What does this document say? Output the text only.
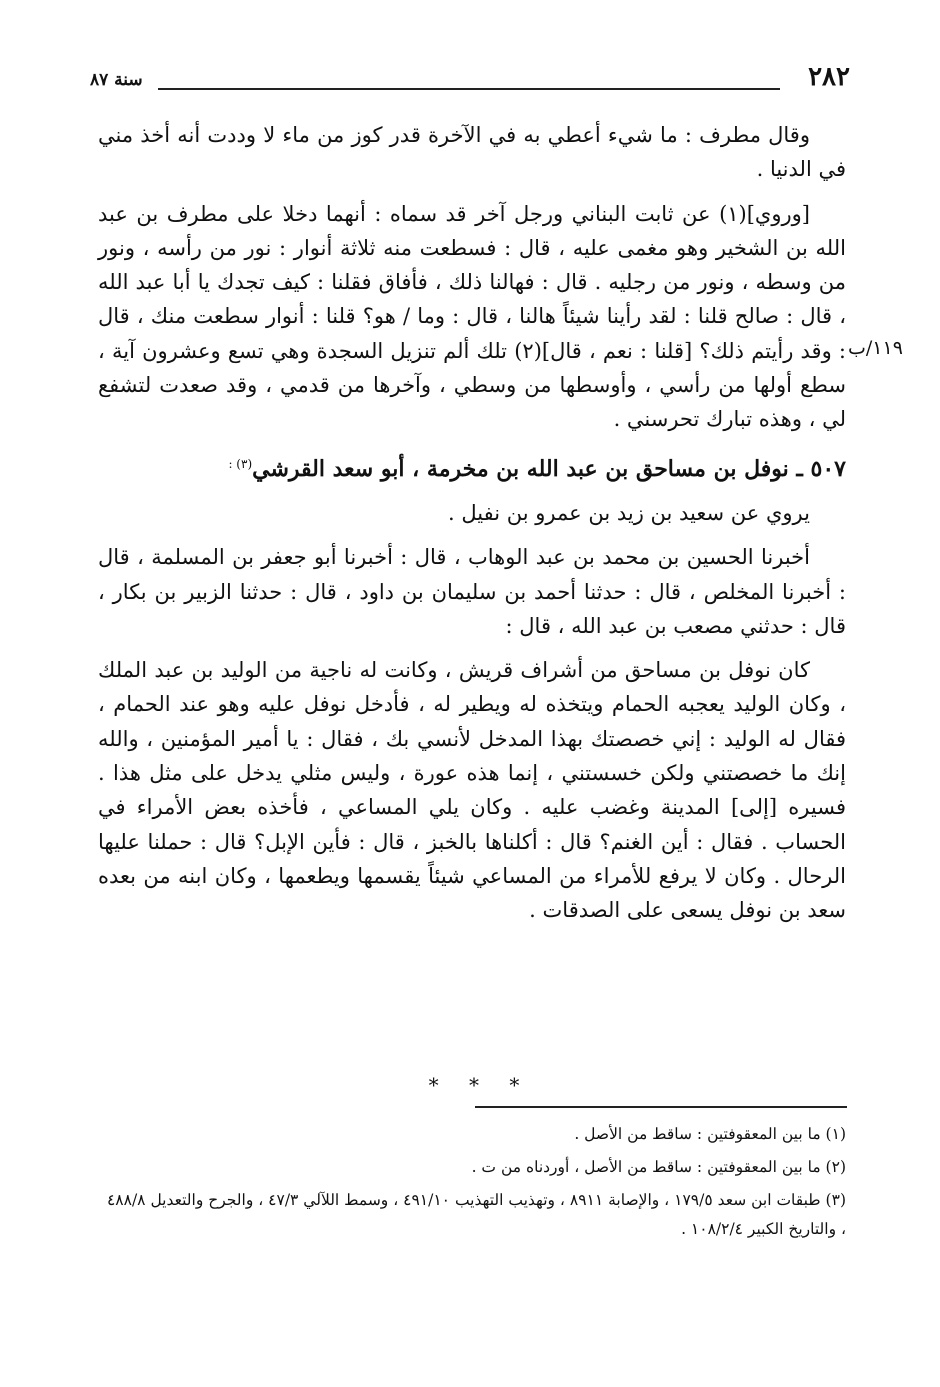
٢٨٢
سنة ٨٧
١١٩/ب

وقال مطرف : ما شيء أعطي به في الآخرة قدر كوز من ماء لا وددت أنه أخذ مني في الدنيا .

[وروي](١) عن ثابت البناني ورجل آخر قد سماه : أنهما دخلا على مطرف بن عبد الله بن الشخير وهو مغمى عليه ، قال : فسطعت منه ثلاثة أنوار : نور من رأسه ، ونور من وسطه ، ونور من رجليه . قال : فهالنا ذلك ، فأفاق فقلنا : كيف تجدك يا أبا عبد الله ، قال : صالح قلنا : لقد رأينا شيئاً هالنا ، قال : وما / هو؟ قلنا : أنوار سطعت منك ، قال : وقد رأيتم ذلك؟ [قلنا : نعم ، قال](٢) تلك ألم تنزيل السجدة وهي تسع وعشرون آية ، سطع أولها من رأسي ، وأوسطها من وسطي ، وآخرها من قدمي ، وقد صعدت لتشفع لي ، وهذه تبارك تحرسني .

٥٠٧ ـ نوفل بن مساحق بن عبد الله بن مخرمة ، أبو سعد القرشي$^{(٣) :}$

يروي عن سعيد بن زيد بن عمرو بن نفيل .

أخبرنا الحسين بن محمد بن عبد الوهاب ، قال : أخبرنا أبو جعفر بن المسلمة ، قال : أخبرنا المخلص ، قال : حدثنا أحمد بن سليمان بن داود ، قال : حدثنا الزبير بن بكار ، قال : حدثني مصعب بن عبد الله ، قال :

كان نوفل بن مساحق من أشراف قريش ، وكانت له ناجية من الوليد بن عبد الملك ، وكان الوليد يعجبه الحمام ويتخذه له ويطير له ، فأدخل نوفل عليه وهو عند الحمام ، فقال له الوليد : إني خصصتك بهذا المدخل لأنسي بك ، فقال : يا أمير المؤمنين ، والله إنك ما خصصتني ولكن خسستني ، إنما هذه عورة ، وليس مثلي يدخل على مثل هذا . فسيره [إلى] المدينة وغضب عليه . وكان يلي المساعي ، فأخذه بعض الأمراء في الحساب . فقال : أين الغنم؟ قال : أكلناها بالخبز ، قال : فأين الإبل؟ قال : حملنا عليها الرحال . وكان لا يرفع للأمراء من المساعي شيئاً يقسمها ويطعمها ، وكان ابنه من بعده سعد بن نوفل يسعى على الصدقات .

* * *

(١) ما بين المعقوفتين : ساقط من الأصل .

(٢) ما بين المعقوفتين : ساقط من الأصل ، أوردناه من ت .

(٣) طبقات ابن سعد ١٧٩/٥ ، والإصابة ٨٩١١ ، وتهذيب التهذيب ٤٩١/١٠ ، وسمط اللآلي ٤٧/٣ ، والجرح والتعديل ٤٨٨/٨ ، والتاريخ الكبير ١٠٨/٢/٤ .
